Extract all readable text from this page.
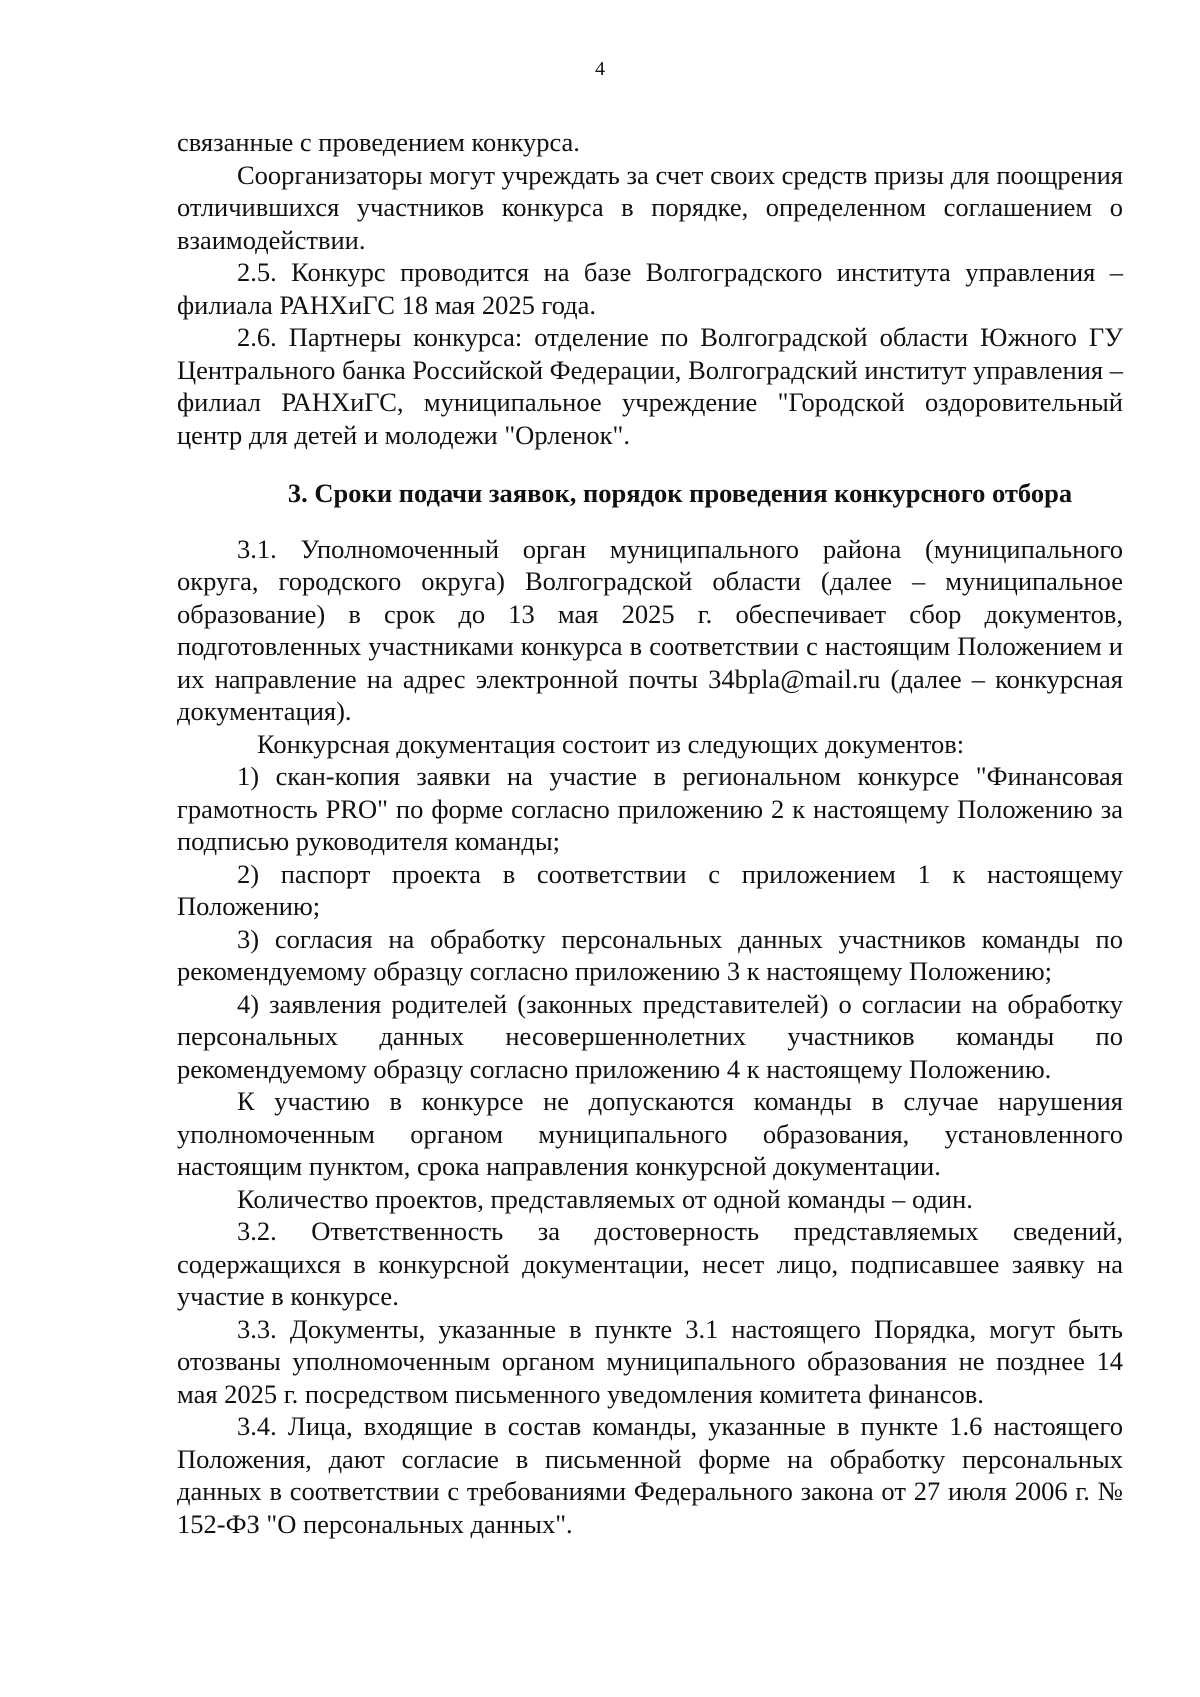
4

связанные с проведением конкурса.

Соорганизаторы могут учреждать за счет своих средств призы для поощрения отличившихся участников конкурса в порядке, определенном соглашением о взаимодействии.

2.5. Конкурс проводится на базе Волгоградского института управления – филиала РАНХиГС 18 мая 2025 года.

2.6. Партнеры конкурса: отделение по Волгоградской области Южного ГУ Центрального банка Российской Федерации, Волгоградский институт управления – филиал РАНХиГС, муниципальное учреждение "Городской оздоровительный центр для детей и молодежи "Орленок".

3. Сроки подачи заявок, порядок проведения конкурсного отбора

3.1. Уполномоченный орган муниципального района (муниципального округа, городского округа) Волгоградской области (далее – муниципальное образование) в срок до 13 мая 2025 г. обеспечивает сбор документов, подготовленных участниками конкурса в соответствии с настоящим Положением и их направление на адрес электронной почты 34bpla@mail.ru (далее – конкурсная документация).

Конкурсная документация состоит из следующих документов:

1) скан-копия заявки на участие в региональном конкурсе "Финансовая грамотность PRO" по форме согласно приложению 2 к настоящему Положению за подписью руководителя команды;

2) паспорт проекта в соответствии с приложением 1 к настоящему Положению;

3) согласия на обработку персональных данных участников команды по рекомендуемому образцу согласно приложению 3 к настоящему Положению;

4) заявления родителей (законных представителей) о согласии на обработку персональных данных несовершеннолетних участников команды по рекомендуемому образцу согласно приложению 4 к настоящему Положению.

К участию в конкурсе не допускаются команды в случае нарушения уполномоченным органом муниципального образования, установленного настоящим пунктом, срока направления конкурсной документации.

Количество проектов, представляемых от одной команды – один.

3.2. Ответственность за достоверность представляемых сведений, содержащихся в конкурсной документации, несет лицо, подписавшее заявку на участие в конкурсе.

3.3. Документы, указанные в пункте 3.1 настоящего Порядка, могут быть отозваны уполномоченным органом муниципального образования не позднее 14 мая 2025 г. посредством письменного уведомления комитета финансов.

3.4. Лица, входящие в состав команды, указанные в пункте 1.6 настоящего Положения, дают согласие в письменной форме на обработку персональных данных в соответствии с требованиями Федерального закона от 27 июля 2006 г. № 152-ФЗ "О персональных данных".
